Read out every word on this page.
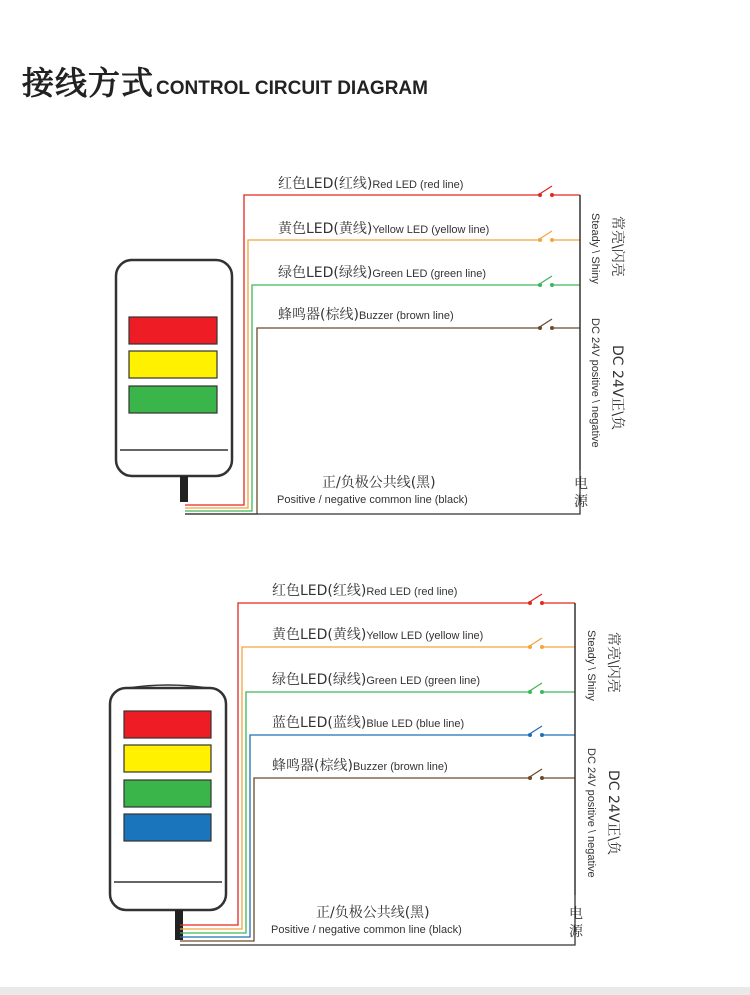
接线方式 CONTROL CIRCUIT DIAGRAM
红色LED(红线)Red LED (red line)
黄色LED(黄线)Yellow LED (yellow line)
绿色LED(绿线)Green LED (green line)
蜂鸣器(棕线)Buzzer (brown line)
正/负极公共线(黑)
Positive / negative common line (black)
常亮\闪亮
Steady \ Shiny
DC 24V正\负
DC 24V positive \ negative
电
源
红色LED(红线)Red LED (red line)
黄色LED(黄线)Yellow LED (yellow line)
绿色LED(绿线)Green LED (green line)
蓝色LED(蓝线)Blue LED (blue line)
蜂鸣器(棕线)Buzzer (brown line)
正/负极公共线(黑)
Positive / negative common line (black)
常亮\闪亮
Steady \ Shiny
DC 24V正\负
DC 24V positive \ negative
电
源
